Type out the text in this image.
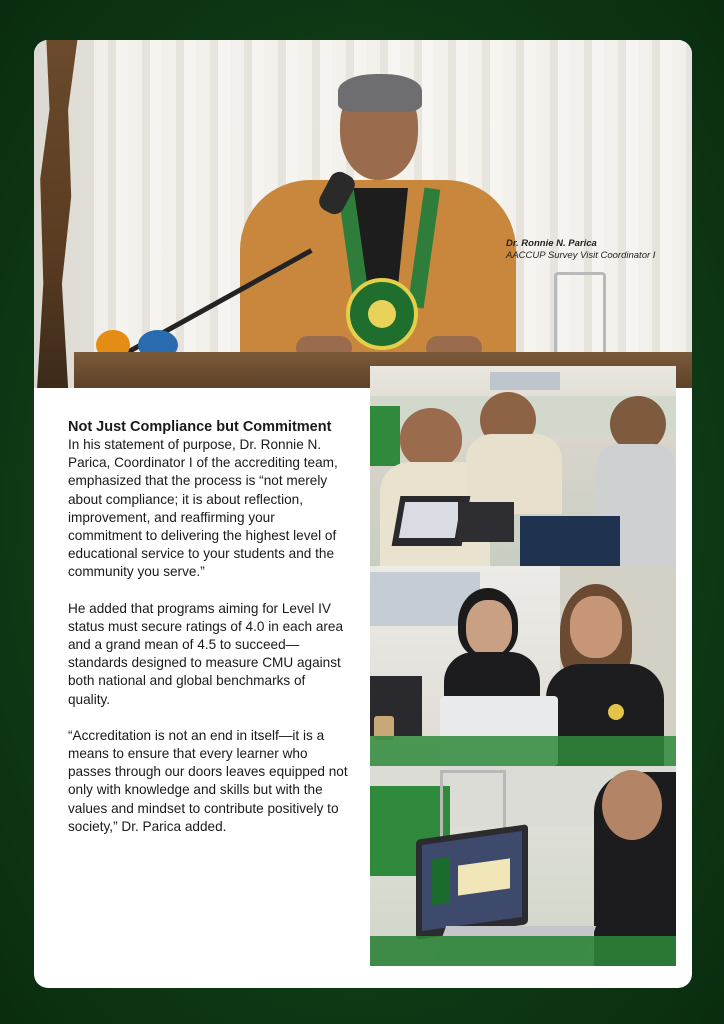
Dr. Ronnie N. Parica
AACCUP Survey Visit Coordinator I
Not Just Compliance but Commitment

In his statement of purpose, Dr. Ronnie N. Parica, Coordinator I of the accrediting team, emphasized that the process is “not merely about compliance; it is about reflection, improvement, and reaffirming your commitment to delivering the highest level of educational service to your students and the community you serve.”

He added that programs aiming for Level IV status must secure ratings of 4.0 in each area and a grand mean of 4.5 to succeed—standards designed to measure CMU against both national and global benchmarks of quality.

“Accreditation is not an end in itself—it is a means to ensure that every learner who passes through our doors leaves equipped not only with knowledge and skills but with the values and mindset to contribute positively to society,” Dr. Parica added.
